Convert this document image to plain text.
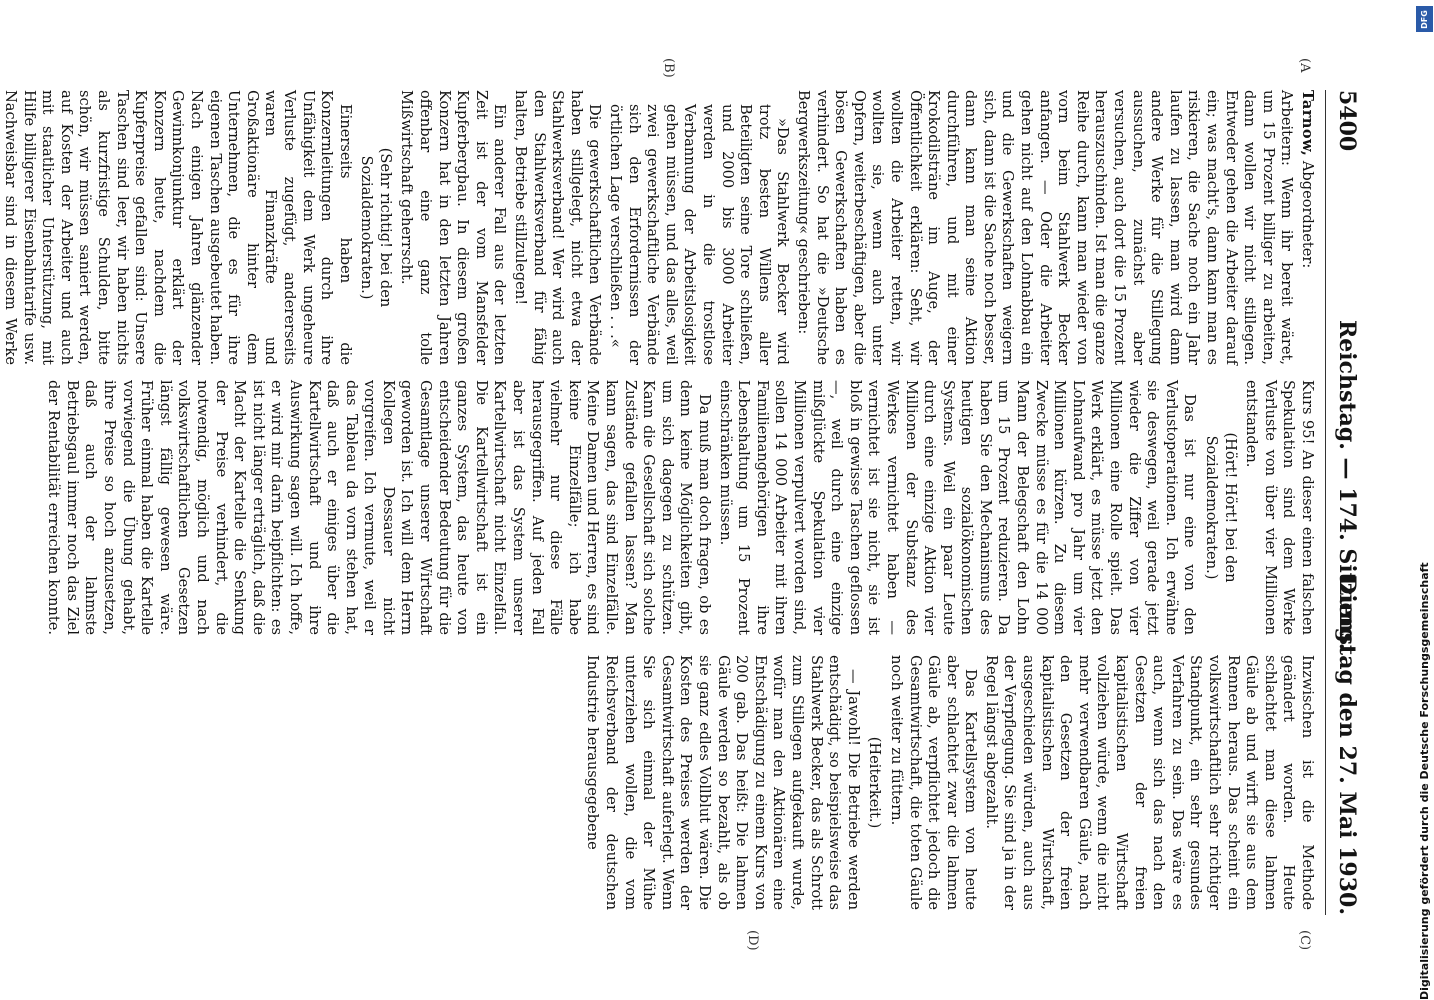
5400
Reichstag. — 174. Sitzung.
Dienstag den 27. Mai 1930.
(A
(B)
(C)
(D)

Tarnow, Abgeordneter:

Arbeitern: Wenn ihr bereit wäret, um 15 Prozent billiger zu arbeiten, dann wollen wir nicht stillegen. Entweder gehen die Arbeiter darauf ein; was macht's, dann kann man es riskieren, die Sache noch ein Jahr laufen zu lassen, man wird dann andere Werke für die Stillegung aussuchen, zunächst aber versuchen, auch dort die 15 Prozent herauszuschinden. Ist man die ganze Reihe durch, kann man wieder von vorn beim Stahlwerk Becker anfangen. — Oder die Arbeiter gehen nicht auf den Lohnabbau ein und die Gewerkschaften weigern sich, dann ist die Sache noch besser, dann kann man seine Aktion durchführen, und mit einer Krokodilsträne im Auge, der Öffentlichkeit erklären: Seht, wir wollten die Arbeiter retten, wir wollten sie, wenn auch unter Opfern, weiterbeschäftigen, aber die bösen Gewerkschaften haben es verhindert. So hat die »Deutsche Bergwerkszeitung« geschrieben:

»Das Stahlwerk Becker wird trotz besten Willens aller Beteiligten seine Tore schließen, und 2000 bis 3000 Arbeiter werden in die trostlose Verbannung der Arbeitslosigkeit gehen müssen, und das alles, weil zwei gewerkschaftliche Verbände sich den Erfordernissen der örtlichen Lage verschließen . . .«

Die gewerkschaftlichen Verbände haben stillgelegt, nicht etwa der Stahlwerksverband! Wer wird auch den Stahlwerksverband für fähig halten, Betriebe stillzulegen!

Ein anderer Fall aus der letzten Zeit ist der vom Mansfelder Kupferbergbau. In diesem großen Konzern hat in den letzten Jahren offenbar eine ganz tolle Mißwirtschaft geherrscht.

(Sehr richtig! bei den Sozialdemokraten.)

Einerseits haben die Konzernleitungen durch ihre Unfähigkeit dem Werk ungeheure Verluste zugefügt, andererseits waren Finanzkräfte und Großaktionäre hinter dem Unternehmen, die es für ihre eigenen Taschen ausgebeutet haben. Nach einigen Jahren glänzender Gewinnkonjunktur erklärt der Konzern heute, nachdem die Kupferpreise gefallen sind: Unsere Taschen sind leer, wir haben nichts als kurzfristige Schulden, bitte schön, wir müssen saniert werden, auf Kosten der Arbeiter und auch mit staatlicher Unterstützung, mit Hilfe billigerer Eisenbahntarife usw. Nachweisbar sind in diesem Werke

Kurs 95! An dieser einen falschen Spekulation sind dem Werke Verluste von über vier Millionen entstanden.

(Hört! Hört! bei den Sozialdemokraten.)

Das ist nur eine von den Verlustoperationen. Ich erwähne sie deswegen, weil gerade jetzt wieder die Ziffer von vier Millionen eine Rolle spielt. Das Werk erklärt, es müsse jetzt den Lohnaufwand pro Jahr um vier Millionen kürzen. Zu diesem Zwecke müsse es für die 14 000 Mann der Belegschaft den Lohn um 15 Prozent reduzieren. Da haben Sie den Mechanismus des heutigen sozialökonomischen Systems. Weil ein paar Leute durch eine einzige Aktion vier Millionen der Substanz des Werkes vernichtet haben — vernichtet ist sie nicht, sie ist bloß in gewisse Taschen geflossen —, weil durch eine einzige mißglückte Spekulation vier Millionen verpulvert worden sind, sollen 14 000 Arbeiter mit ihren Familienangehörigen ihre Lebenshaltung um 15 Prozent einschränken müssen.

Da muß man doch fragen, ob es denn keine Möglichkeiten gibt, um sich dagegen zu schützen. Kann die Gesellschaft sich solche Zustände gefallen lassen? Man kann sagen, das sind Einzelfälle. Meine Damen und Herren, es sind keine Einzelfälle; ich habe vielmehr nur diese Fälle herausgegriffen. Auf jeden Fall aber ist das System unserer Kartellwirtschaft nicht Einzelfall. Die Kartellwirtschaft ist ein ganzes System, das heute von entscheidender Bedeutung für die Gesamtlage unserer Wirtschaft geworden ist. Ich will dem Herrn Kollegen Dessauer nicht vorgreifen. Ich vermute, weil er das Tableau da vorn stehen hat, daß auch er einiges über die Kartellwirtschaft und ihre Auswirkung sagen will. Ich hoffe, er wird mir darin beipflichten: es ist nicht länger erträglich, daß die Macht der Kartelle die Senkung der Preise verhindert, die notwendig, möglich und nach volkswirtschaftlichen Gesetzen längst fällig gewesen wäre. Früher einmal haben die Kartelle vorwiegend die Übung gehabt, ihre Preise so hoch anzusetzen, daß auch der lahmste Betriebsgaul immer noch das Ziel der Rentabilität erreichen konnte. Inzwischen ist die Methode geändert worden. Heute schlachtet man diese lahmen Gäule ab und wirft sie aus dem Rennen heraus. Das scheint ein volkswirtschaftlich sehr richtiger Standpunkt, ein sehr gesundes Verfahren zu sein. Das wäre es auch, wenn sich das nach den Gesetzen der freien kapitalistischen Wirtschaft vollziehen würde, wenn die nicht mehr verwendbaren Gäule, nach den Gesetzen der freien kapitalistischen Wirtschaft, ausgeschieden würden, auch aus der Verpflegung. Sie sind ja in der Regel längst abgezahlt.

Das Kartellsystem von heute aber schlachtet zwar die lahmen Gäule ab, verpflichtet jedoch die Gesamtwirtschaft, die toten Gäule noch weiter zu füttern.

(Heiterkeit.)

— Jawohl! Die Betriebe werden entschädigt, so beispielsweise das Stahlwerk Becker, das als Schrott zum Stillegen aufgekauft wurde, wofür man den Aktionären eine Entschädigung zu einem Kurs von 200 gab. Das heißt: Die lahmen Gäule werden so bezahlt, als ob sie ganz edles Vollblut wären. Die Kosten des Preises werden der Gesamtwirtschaft auferlegt. Wenn Sie sich einmal der Mühe unterziehen wollen, die vom Reichsverband der deutschen Industrie herausgegebene

DFG
Digitalisierung gefördert durch die Deutsche Forschungsgemeinschaft
